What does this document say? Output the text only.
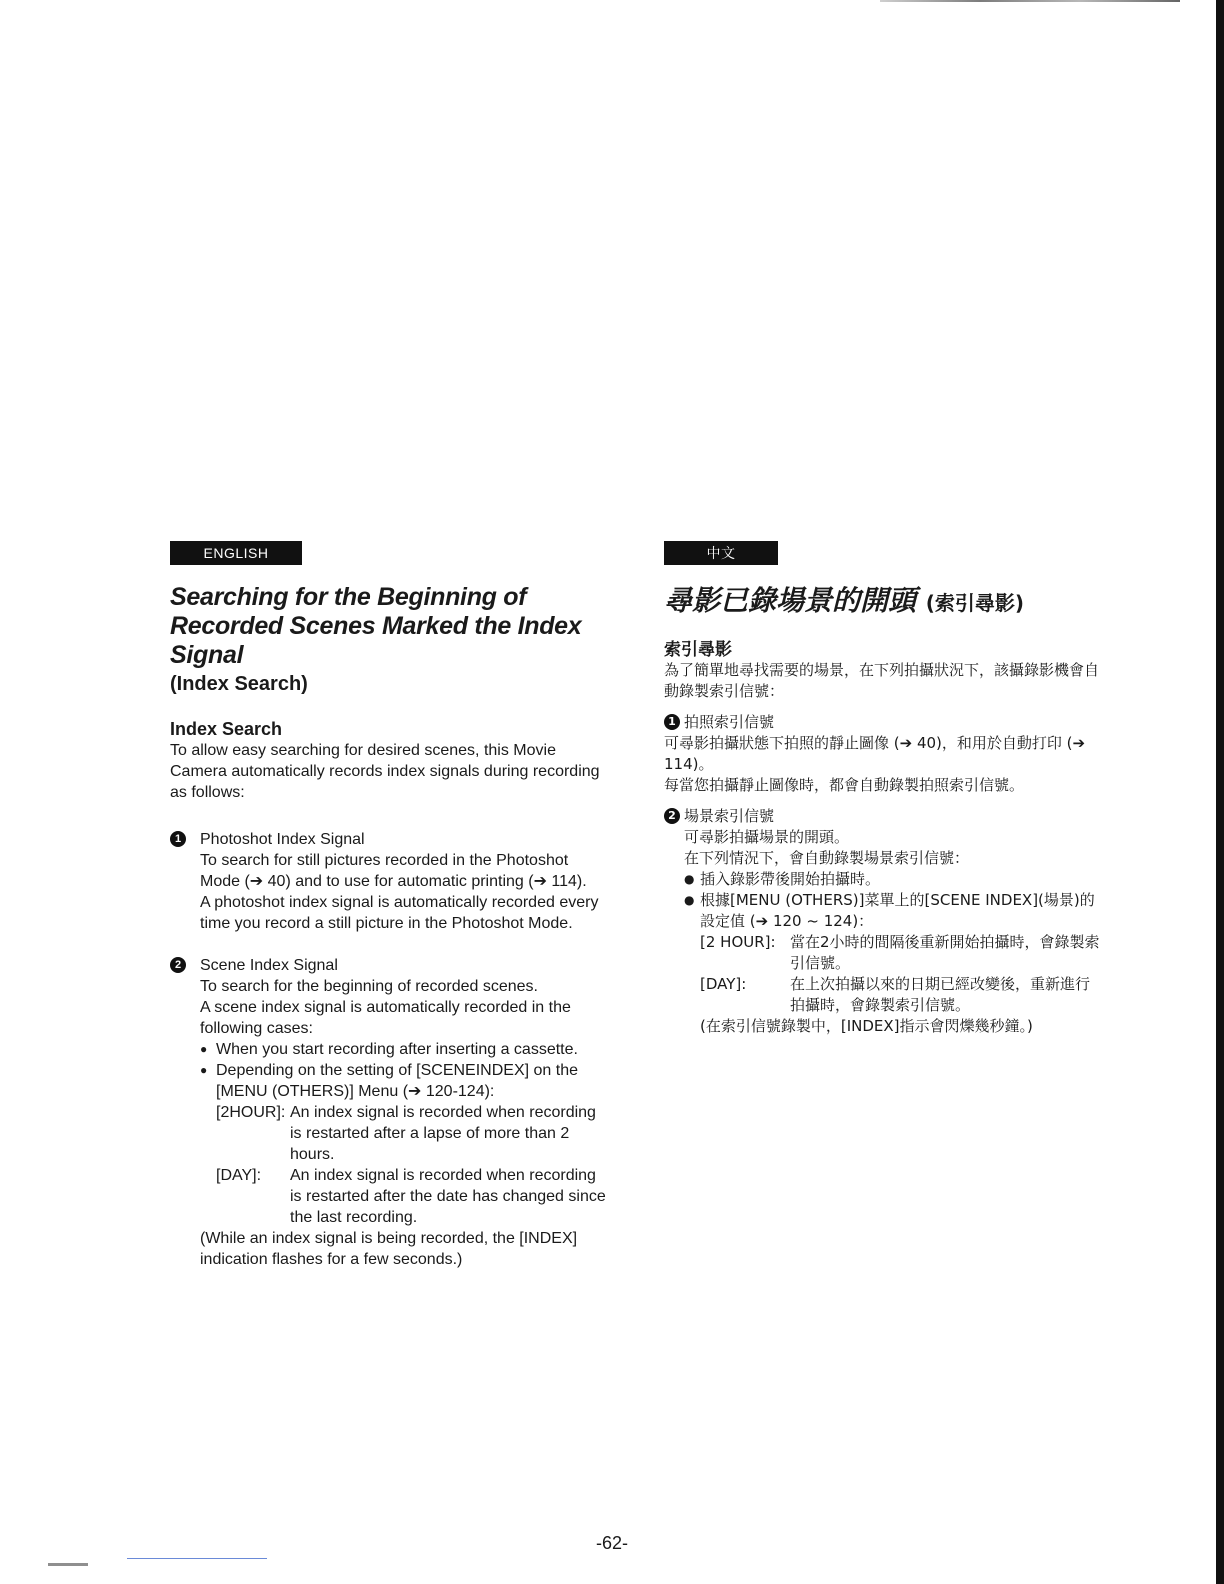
ENGLISH
Searching for the Beginning of Recorded Scenes Marked the Index Signal
(Index Search)
Index Search
To allow easy searching for desired scenes, this Movie Camera automatically records index signals during recording as follows:
1	Photoshot Index Signal
To search for still pictures recorded in the Photoshot Mode (➔ 40) and to use for automatic printing (➔ 114).
A photoshot index signal is automatically recorded every time you record a still picture in the Photoshot Mode.
2	Scene Index Signal
To search for the beginning of recorded scenes.
A scene index signal is automatically recorded in the following cases:
● When you start recording after inserting a cassette.
● Depending on the setting of [SCENEINDEX] on the [MENU (OTHERS)] Menu (➔ 120-124):
[2HOUR]: An index signal is recorded when recording is restarted after a lapse of more than 2 hours.
[DAY]:	An index signal is recorded when recording is restarted after the date has changed since the last recording.
(While an index signal is being recorded, the [INDEX] indication flashes for a few seconds.)
中文
尋影已錄場景的開頭 (索引尋影)
索引尋影
為了簡單地尋找需要的場景，在下列拍攝狀況下，該攝錄影機會自動錄製索引信號：
1 拍照索引信號
可尋影拍攝狀態下拍照的靜止圖像 (➔ 40)，和用於自動打印 (➔ 114)。
每當您拍攝靜止圖像時，都會自動錄製拍照索引信號。
2 場景索引信號
可尋影拍攝場景的開頭。
在下列情況下，會自動錄製場景索引信號：
● 插入錄影帶後開始拍攝時。
● 根據[MENU (OTHERS)]菜單上的[SCENE INDEX](場景)的設定值 (➔ 120 ~ 124)：
[2 HOUR]: 當在2小時的間隔後重新開始拍攝時，會錄製索引信號。
[DAY]:	在上次拍攝以來的日期已經改變後，重新進行拍攝時，會錄製索引信號。
(在索引信號錄製中，[INDEX]指示會閃爍幾秒鐘。)
-62-
